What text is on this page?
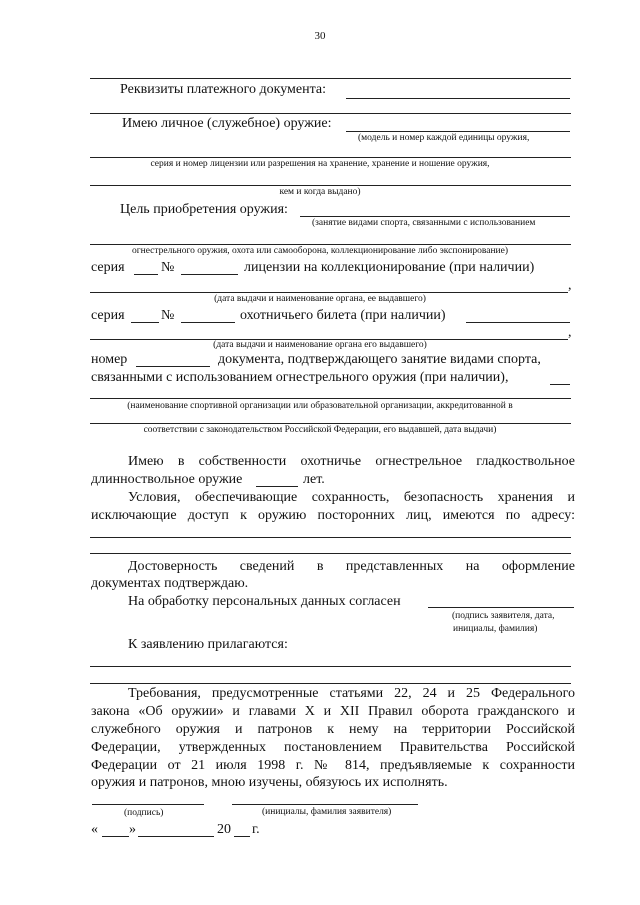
30
Реквизиты платежного документа:
Имею личное (служебное) оружие:
(модель и номер каждой единицы оружия,
серия и номер лицензии или разрешения на хранение, хранение и ношение оружия,
кем и когда выдано)
Цель приобретения оружия:
(занятие видами спорта, связанными с использованием
огнестрельного оружия, охота или самооборона, коллекционирование либо экспонирование)
серия	№	лицензии на коллекционирование (при наличии)
,
(дата выдачи и наименование органа, ее выдавшего)
серия	№	охотничьего билета (при наличии)
,
(дата выдачи и наименование органа его выдавшего)
номер	документа, подтверждающего занятие видами спорта,
связанными с использованием огнестрельного оружия (при наличии),
(наименование спортивной организации или образовательной организации, аккредитованной в
соответствии с законодательством Российской Федерации, его выдавшей, дата выдачи)
Имею в собственности охотничье огнестрельное гладкоствольное
длинноствольное оружие	лет.
Условия, обеспечивающие сохранность, безопасность хранения и
исключающие доступ к оружию посторонних лиц, имеются по адресу:
Достоверность сведений в представленных на оформление
документах подтверждаю.
На обработку персональных данных согласен
(подпись заявителя, дата,
инициалы, фамилия)
К заявлению прилагаются:
Требования, предусмотренные статьями 22, 24 и 25 Федерального
закона «Об оружии» и главами X и XII Правил оборота гражданского и
служебного оружия и патронов к нему на территории Российской
Федерации, утвержденных постановлением Правительства Российской
Федерации от 21 июля 1998 г. № 814, предъявляемые к сохранности
оружия и патронов, мною изучены, обязуюсь их исполнять.
(подпись)	(инициалы, фамилия заявителя)
« »	20 г.
